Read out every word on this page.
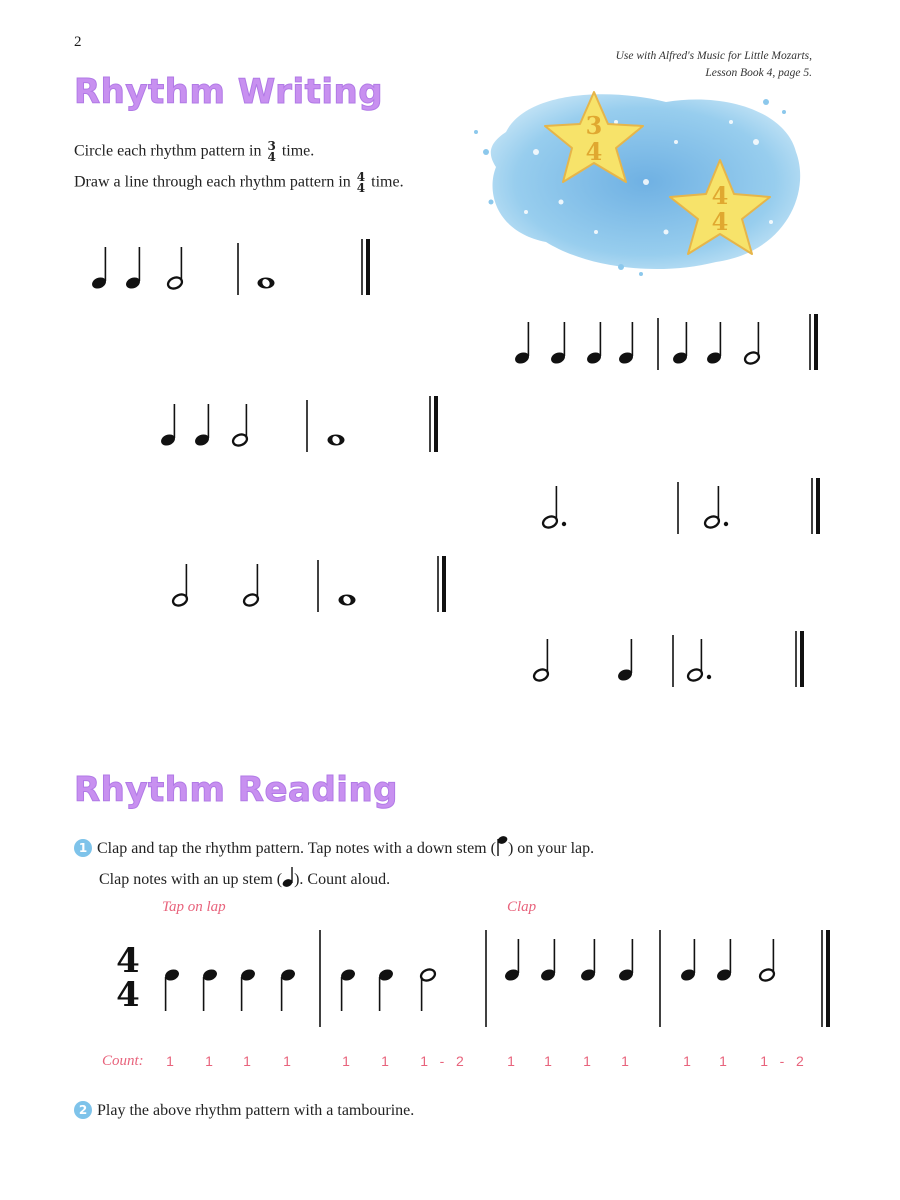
2
Use with Alfred's Music for Little Mozarts,
Lesson Book 4, page 5.
Rhythm Writing
Circle each rhythm pattern in 3
4 time.
Draw a line through each rhythm pattern in 4
4 time.
3
4
4
4
4
4
Rhythm Reading
1 Clap and tap the rhythm pattern. Tap notes with a down stem ( ) on your lap.
Clap notes with an up stem ( ). Count aloud.
Tap on lap	Clap
Count: 1 1 1 1	1 1 1   -   2	1 1 1 1	1 1 1   -   2
2 Play the above rhythm pattern with a tambourine.
